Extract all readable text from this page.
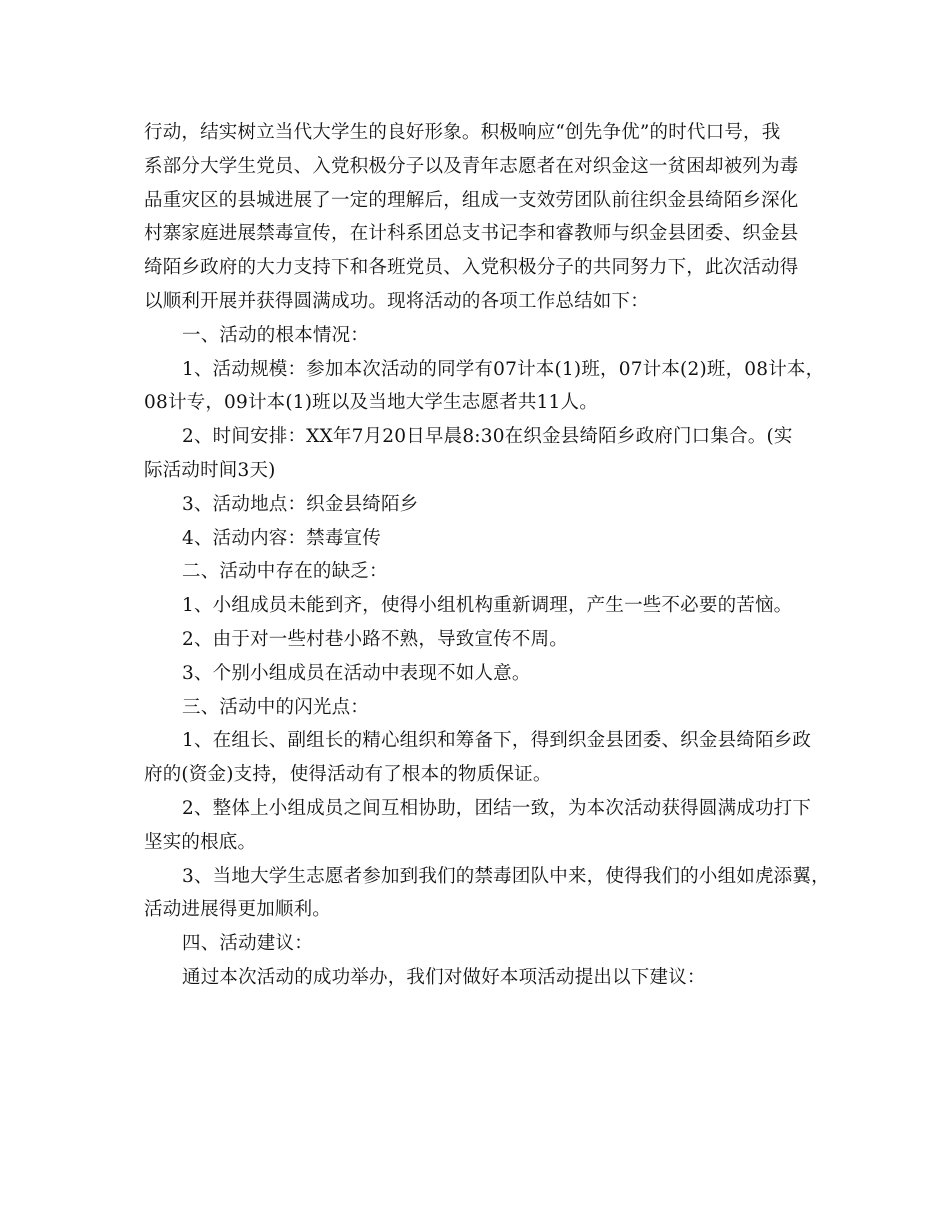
行动，结实树立当代大学生的良好形象。积极响应“创先争优”的时代口号，我
系部分大学生党员、入党积极分子以及青年志愿者在对织金这一贫困却被列为毒
品重灾区的县城进展了一定的理解后，组成一支效劳团队前往织金县绮陌乡深化
村寨家庭进展禁毒宣传，在计科系团总支书记李和睿教师与织金县团委、织金县
绮陌乡政府的大力支持下和各班党员、入党积极分子的共同努力下，此次活动得
以顺利开展并获得圆满成功。现将活动的各项工作总结如下：

一、活动的根本情况：

1、活动规模：参加本次活动的同学有07计本(1)班，07计本(2)班，08计本，
08计专，09计本(1)班以及当地大学生志愿者共11人。

2、时间安排：XX年7月20日早晨8:30在织金县绮陌乡政府门口集合。(实
际活动时间3天)

3、活动地点：织金县绮陌乡

4、活动内容：禁毒宣传

二、活动中存在的缺乏：

1、小组成员未能到齐，使得小组机构重新调理，产生一些不必要的苦恼。

2、由于对一些村巷小路不熟，导致宣传不周。

3、个别小组成员在活动中表现不如人意。

三、活动中的闪光点：

1、在组长、副组长的精心组织和筹备下，得到织金县团委、织金县绮陌乡政
府的(资金)支持，使得活动有了根本的物质保证。

2、整体上小组成员之间互相协助，团结一致，为本次活动获得圆满成功打下
坚实的根底。

3、当地大学生志愿者参加到我们的禁毒团队中来，使得我们的小组如虎添翼，
活动进展得更加顺利。

四、活动建议：

通过本次活动的成功举办，我们对做好本项活动提出以下建议：
